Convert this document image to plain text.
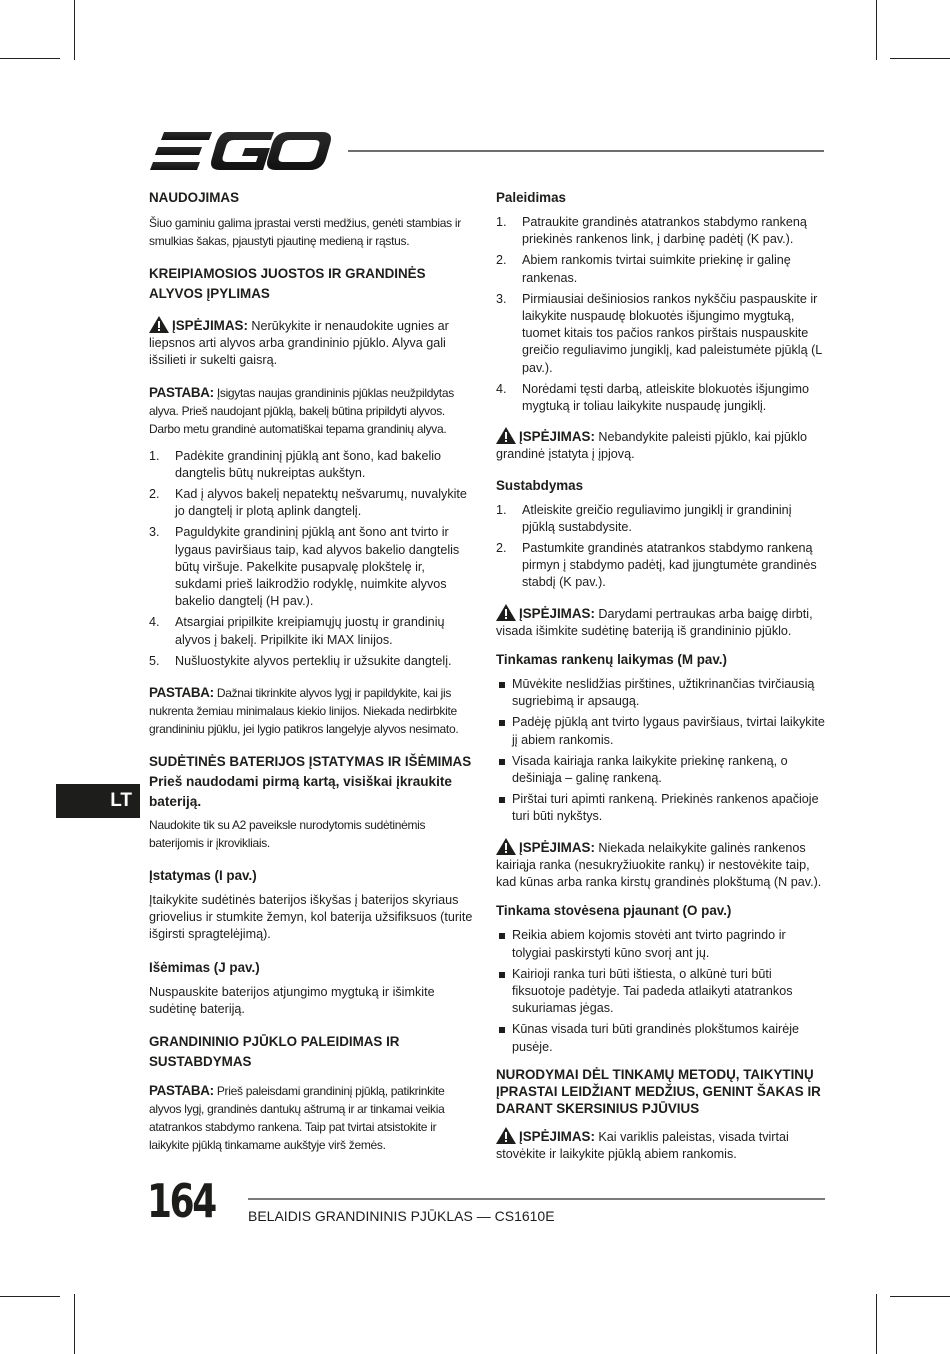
NAUDOJIMAS
Šiuo gaminiu galima įprastai versti medžius, genėti stambias ir smulkias šakas, pjaustyti pjautinę medieną ir rąstus.
KREIPIAMOSIOS JUOSTOS IR GRANDINĖS ALYVOS ĮPYLIMAS
ĮSPĖJIMAS: Nerūkykite ir nenaudokite ugnies ar liepsnos arti alyvos arba grandininio pjūklo. Alyva gali išsilieti ir sukelti gaisrą.
PASTABA: Įsigytas naujas grandininis pjūklas neužpildytas alyva. Prieš naudojant pjūklą, bakelį būtina pripildyti alyvos. Darbo metu grandinė automatiškai tepama grandinių alyva.
1. Padėkite grandininį pjūklą ant šono, kad bakelio dangtelis būtų nukreiptas aukštyn.
2. Kad į alyvos bakelį nepatektų nešvarumų, nuvalykite jo dangtelį ir plotą aplink dangtelį.
3. Paguldykite grandininį pjūklą ant šono ant tvirto ir lygaus paviršiaus taip, kad alyvos bakelio dangtelis būtų viršuje. Pakelkite pusapvalę plokštelę ir, sukdami prieš laikrodžio rodyklę, nuimkite alyvos bakelio dangtelį (H pav.).
4. Atsargiai pripilkite kreipiamųjų juostų ir grandinių alyvos į bakelį. Pripilkite iki MAX linijos.
5. Nušluostykite alyvos perteklių ir užsukite dangtelį.
PASTABA: Dažnai tikrinkite alyvos lygį ir papildykite, kai jis nukrenta žemiau minimalaus kiekio linijos. Niekada nedirbkite grandininiu pjūklu, jei lygio patikros langelyje alyvos nesimato.
SUDĖTINĖS BATERIJOS ĮSTATYMAS IR IŠĖMIMAS
Prieš naudodami pirmą kartą, visiškai įkraukite bateriją.
Naudokite tik su A2 paveiksle nurodytomis sudėtinėmis baterijomis ir įkrovikliais.
Įstatymas (I pav.)
Įtaikykite sudėtinės baterijos iškyšas į baterijos skyriaus griovelius ir stumkite žemyn, kol baterija užsifiksuos (turite išgirsti spragtelėjimą).
Išėmimas (J pav.)
Nuspauskite baterijos atjungimo mygtuką ir išimkite sudėtinę bateriją.
GRANDININIO PJŪKLO PALEIDIMAS IR SUSTABDYMAS
PASTABA: Prieš paleisdami grandininį pjūklą, patikrinkite alyvos lygį, grandinės dantukų aštrumą ir ar tinkamai veikia atatrankos stabdymo rankena. Taip pat tvirtai atsistokite ir laikykite pjūklą tinkamame aukštyje virš žemės.
Paleidimas
1. Patraukite grandinės atatrankos stabdymo rankeną priekinės rankenos link, į darbinę padėtį (K pav.).
2. Abiem rankomis tvirtai suimkite priekinę ir galinę rankenas.
3. Pirmiausiai dešiniosios rankos nykščiu paspauskite ir laikykite nuspaudę blokuotės išjungimo mygtuką, tuomet kitais tos pačios rankos pirštais nuspauskite greičio reguliavimo jungiklį, kad paleistumėte pjūklą (L pav.).
4. Norėdami tęsti darbą, atleiskite blokuotės išjungimo mygtuką ir toliau laikykite nuspaudę jungiklį.
ĮSPĖJIMAS: Nebandykite paleisti pjūklo, kai pjūklo grandinė įstatyta į įpjovą.
Sustabdymas
1. Atleiskite greičio reguliavimo jungiklį ir grandininį pjūklą sustabdysite.
2. Pastumkite grandinės atatrankos stabdymo rankeną pirmyn į stabdymo padėtį, kad įjungtumėte grandinės stabdį (K pav.).
ĮSPĖJIMAS: Darydami pertraukas arba baigę dirbti, visada išimkite sudėtinę bateriją iš grandininio pjūklo.
Tinkamas rankenų laikymas (M pav.)
Mūvėkite neslidžias pirštines, užtikrinančias tvirčiausią sugriebimą ir apsaugą.
Padėję pjūklą ant tvirto lygaus paviršiaus, tvirtai laikykite jį abiem rankomis.
Visada kairiąja ranka laikykite priekinę rankeną, o dešiniąja – galinę rankeną.
Pirštai turi apimti rankeną. Priekinės rankenos apačioje turi būti nykštys.
ĮSPĖJIMAS: Niekada nelaikykite galinės rankenos kairiąja ranka (nesukryžiuokite rankų) ir nestovėkite taip, kad kūnas arba ranka kirstų grandinės plokštumą (N pav.).
Tinkama stovėsena pjaunant (O pav.)
Reikia abiem kojomis stovėti ant tvirto pagrindo ir tolygiai paskirstyti kūno svorį ant jų.
Kairioji ranka turi būti ištiesta, o alkūnė turi būti fiksuotoje padėtyje. Tai padeda atlaikyti atatrankos sukuriamas jėgas.
Kūnas visada turi būti grandinės plokštumos kairėje pusėje.
NURODYMAI DĖL TINKAMŲ METODŲ, TAIKYTINŲ ĮPRASTAI LEIDŽIANT MEDŽIUS, GENINT ŠAKAS IR DARANT SKERSINIUS PJŪVIUS
ĮSPĖJIMAS: Kai variklis paleistas, visada tvirtai stovėkite ir laikykite pjūklą abiem rankomis.
LT
164 BELAIDIS GRANDININIS PJŪKLAS — CS1610E
